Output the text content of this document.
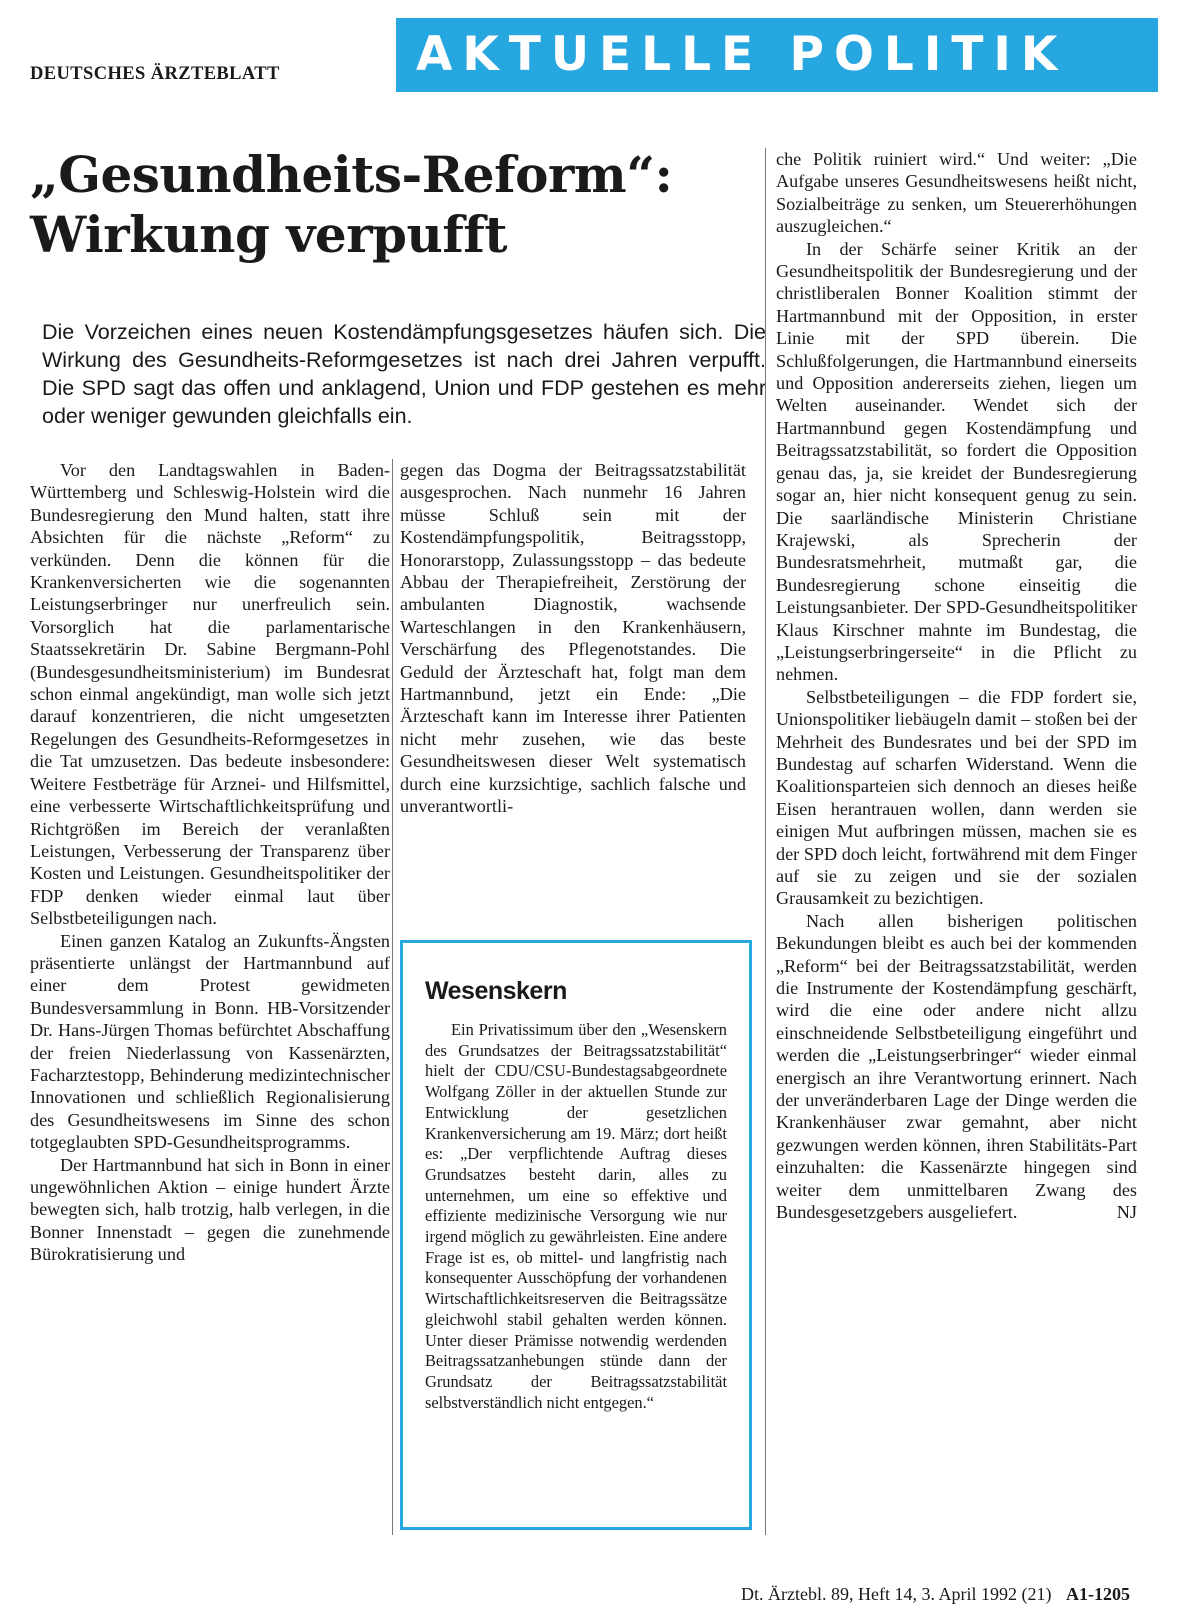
DEUTSCHES ÄRZTEBLATT	AKTUELLE POLITIK
„Gesundheits-Reform“: Wirkung verpufft

Die Vorzeichen eines neuen Kostendämpfungsgesetzes häufen sich. Die Wirkung des Gesundheits-Reformgesetzes ist nach drei Jahren verpufft. Die SPD sagt das offen und anklagend, Union und FDP gestehen es mehr oder weniger gewunden gleichfalls ein.

Vor den Landtagswahlen in Baden-Württemberg und Schleswig-Holstein wird die Bundesregierung den Mund halten, statt ihre Absichten für die nächste „Reform“ zu verkünden. Denn die können für die Krankenversicherten wie die sogenannten Leistungserbringer nur unerfreulich sein. Vorsorglich hat die parlamentarische Staatssekretärin Dr. Sabine Bergmann-Pohl (Bundesgesundheitsministerium) im Bundesrat schon einmal angekündigt, man wolle sich jetzt darauf konzentrieren, die nicht umgesetzten Regelungen des Gesundheits-Reformgesetzes in die Tat umzusetzen. Das bedeute insbesondere: Weitere Festbeträge für Arznei- und Hilfsmittel, eine verbesserte Wirtschaftlichkeitsprüfung und Richtgrößen im Bereich der veranlaßten Leistungen, Verbesserung der Transparenz über Kosten und Leistungen. Gesundheitspolitiker der FDP denken wieder einmal laut über Selbstbeteiligungen nach.

Einen ganzen Katalog an Zukunfts-Ängsten präsentierte unlängst der Hartmannbund auf einer dem Protest gewidmeten Bundesversammlung in Bonn. HB-Vorsitzender Dr. Hans-Jürgen Thomas befürchtet Abschaffung der freien Niederlassung von Kassenärzten, Facharztestopp, Behinderung medizintechnischer Innovationen und schließlich Regionalisierung des Gesundheitswesens im Sinne des schon totgeglaubten SPD-Gesundheitsprogramms.

Der Hartmannbund hat sich in Bonn in einer ungewöhnlichen Aktion – einige hundert Ärzte bewegten sich, halb trotzig, halb verlegen, in die Bonner Innenstadt – gegen die zunehmende Bürokratisierung und

gegen das Dogma der Beitragssatzstabilität ausgesprochen. Nach nunmehr 16 Jahren müsse Schluß sein mit der Kostendämpfungspolitik, Beitragsstopp, Honorarstopp, Zulassungsstopp – das bedeute Abbau der Therapiefreiheit, Zerstörung der ambulanten Diagnostik, wachsende Warteschlangen in den Krankenhäusern, Verschärfung des Pflegenotstandes. Die Geduld der Ärzteschaft hat, folgt man dem Hartmannbund, jetzt ein Ende: „Die Ärzteschaft kann im Interesse ihrer Patienten nicht mehr zusehen, wie das beste Gesundheitswesen dieser Welt systematisch durch eine kurzsichtige, sachlich falsche und unverantwortli-

Wesenskern

Ein Privatissimum über den „Wesenskern des Grundsatzes der Beitragssatzstabilität“ hielt der CDU/CSU-Bundestagsabgeordnete Wolfgang Zöller in der aktuellen Stunde zur Entwicklung der gesetzlichen Krankenversicherung am 19. März; dort heißt es: „Der verpflichtende Auftrag dieses Grundsatzes besteht darin, alles zu unternehmen, um eine so effektive und effiziente medizinische Versorgung wie nur irgend möglich zu gewährleisten. Eine andere Frage ist es, ob mittel- und langfristig nach konsequenter Ausschöpfung der vorhandenen Wirtschaftlichkeitsreserven die Beitragssätze gleichwohl stabil gehalten werden können. Unter dieser Prämisse notwendig werdenden Beitragssatzanhebungen stünde dann der Grundsatz der Beitragssatzstabilität selbstverständlich nicht entgegen.“

che Politik ruiniert wird.“ Und weiter: „Die Aufgabe unseres Gesundheitswesens heißt nicht, Sozialbeiträge zu senken, um Steuererhöhungen auszugleichen.“

In der Schärfe seiner Kritik an der Gesundheitspolitik der Bundesregierung und der christliberalen Bonner Koalition stimmt der Hartmannbund mit der Opposition, in erster Linie mit der SPD überein. Die Schlußfolgerungen, die Hartmannbund einerseits und Opposition andererseits ziehen, liegen um Welten auseinander. Wendet sich der Hartmannbund gegen Kostendämpfung und Beitragssatzstabilität, so fordert die Opposition genau das, ja, sie kreidet der Bundesregierung sogar an, hier nicht konsequent genug zu sein. Die saarländische Ministerin Christiane Krajewski, als Sprecherin der Bundesratsmehrheit, mutmaßt gar, die Bundesregierung schone einseitig die Leistungsanbieter. Der SPD-Gesundheitspolitiker Klaus Kirschner mahnte im Bundestag, die „Leistungserbringerseite“ in die Pflicht zu nehmen.

Selbstbeteiligungen – die FDP fordert sie, Unionspolitiker liebäugeln damit – stoßen bei der Mehrheit des Bundesrates und bei der SPD im Bundestag auf scharfen Widerstand. Wenn die Koalitionsparteien sich dennoch an dieses heiße Eisen herantrauen wollen, dann werden sie einigen Mut aufbringen müssen, machen sie es der SPD doch leicht, fortwährend mit dem Finger auf sie zu zeigen und sie der sozialen Grausamkeit zu bezichtigen.

Nach allen bisherigen politischen Bekundungen bleibt es auch bei der kommenden „Reform“ bei der Beitragssatzstabilität, werden die Instrumente der Kostendämpfung geschärft, wird die eine oder andere nicht allzu einschneidende Selbstbeteiligung eingeführt und werden die „Leistungserbringer“ wieder einmal energisch an ihre Verantwortung erinnert. Nach der unveränderbaren Lage der Dinge werden die Krankenhäuser zwar gemahnt, aber nicht gezwungen werden können, ihren Stabilitäts-Part einzuhalten: die Kassenärzte hingegen sind weiter dem unmittelbaren Zwang des Bundesgesetzgebers ausgeliefert.	NJ

Dt. Ärztebl. 89, Heft 14, 3. April 1992 (21) A1-1205
